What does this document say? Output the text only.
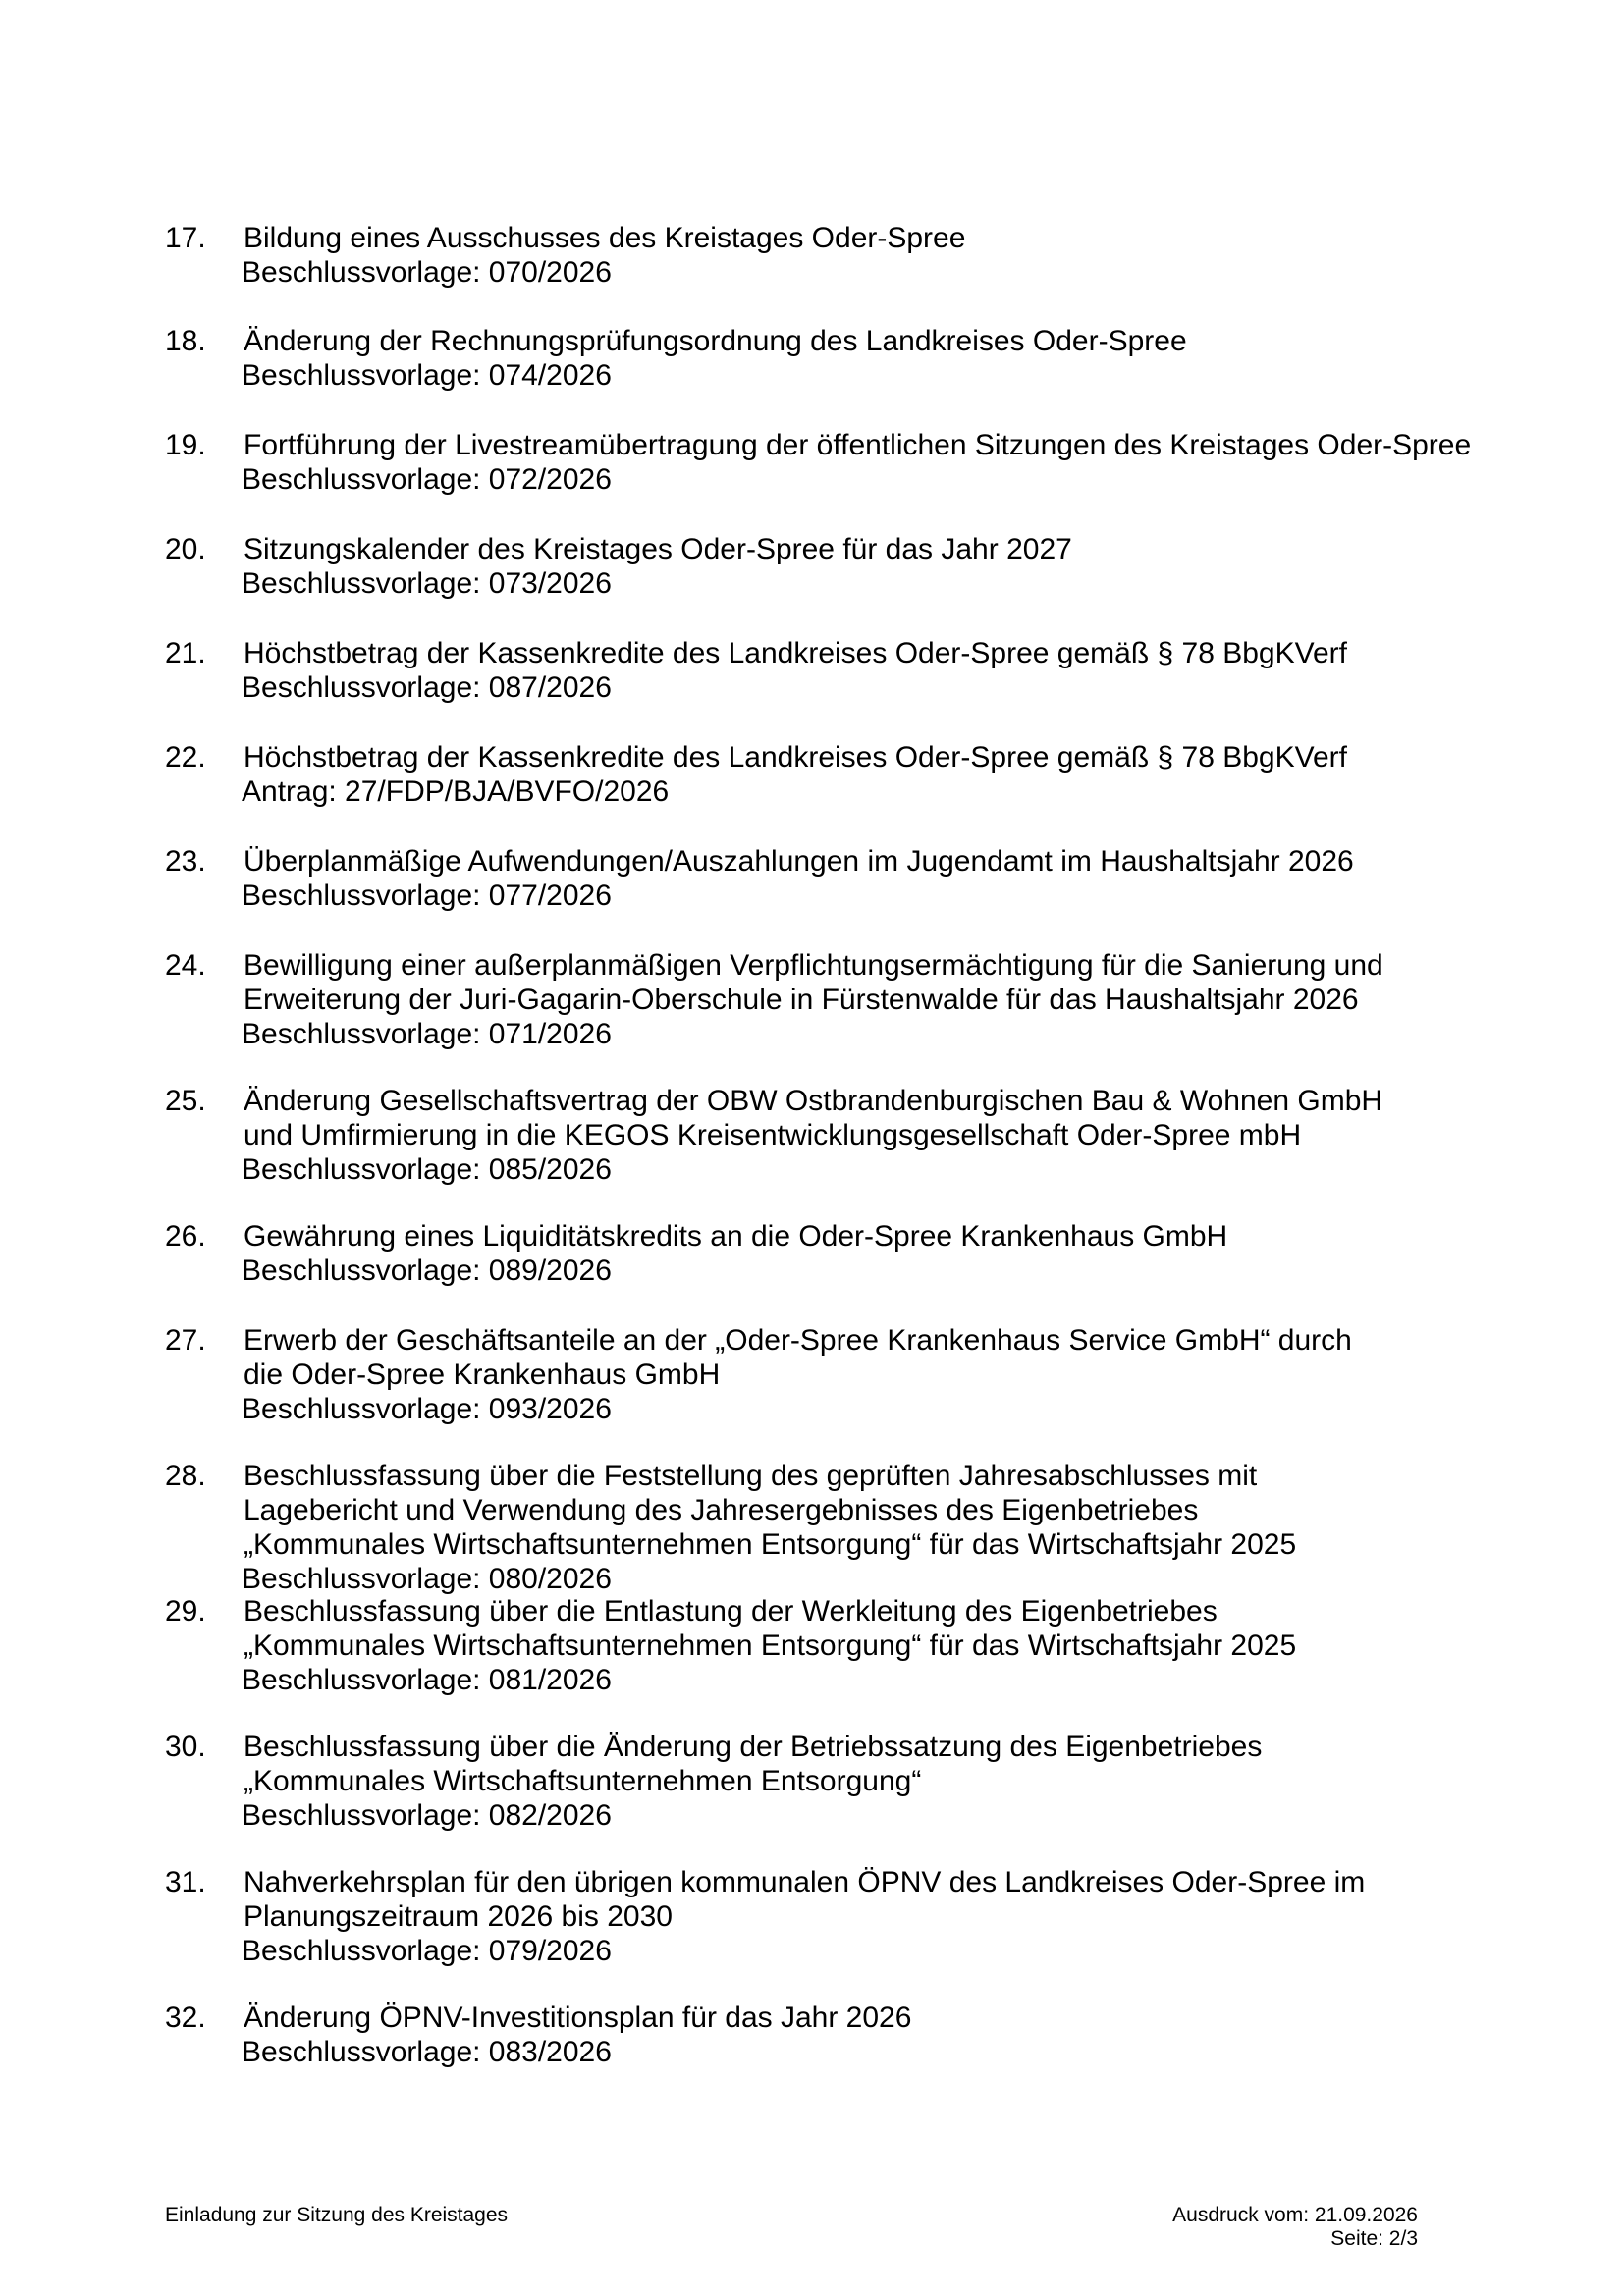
17. Bildung eines Ausschusses des Kreistages Oder-Spree
Beschlussvorlage: 070/2026
18. Änderung der Rechnungsprüfungsordnung des Landkreises Oder-Spree
Beschlussvorlage: 074/2026
19. Fortführung der Livestreamübertragung der öffentlichen Sitzungen des Kreistages Oder-Spree
Beschlussvorlage: 072/2026
20. Sitzungskalender des Kreistages Oder-Spree für das Jahr 2027
Beschlussvorlage: 073/2026
21. Höchstbetrag der Kassenkredite des Landkreises Oder-Spree gemäß § 78 BbgKVerf
Beschlussvorlage: 087/2026
22. Höchstbetrag der Kassenkredite des Landkreises Oder-Spree gemäß § 78 BbgKVerf
Antrag: 27/FDP/BJA/BVFO/2026
23. Überplanmäßige Aufwendungen/Auszahlungen im Jugendamt im Haushaltsjahr 2026
Beschlussvorlage: 077/2026
24. Bewilligung einer außerplanmäßigen Verpflichtungsermächtigung für die Sanierung und
Erweiterung der Juri-Gagarin-Oberschule in Fürstenwalde für das Haushaltsjahr 2026
Beschlussvorlage: 071/2026
25. Änderung Gesellschaftsvertrag der OBW Ostbrandenburgischen Bau & Wohnen GmbH
und Umfirmierung in die KEGOS Kreisentwicklungsgesellschaft Oder-Spree mbH
Beschlussvorlage: 085/2026
26. Gewährung eines Liquiditätskredits an die Oder-Spree Krankenhaus GmbH
Beschlussvorlage: 089/2026
27. Erwerb der Geschäftsanteile an der „Oder-Spree Krankenhaus Service GmbH“ durch
die Oder-Spree Krankenhaus GmbH
Beschlussvorlage: 093/2026
28. Beschlussfassung über die Feststellung des geprüften Jahresabschlusses mit
Lagebericht und Verwendung des Jahresergebnisses des Eigenbetriebes
„Kommunales Wirtschaftsunternehmen Entsorgung“ für das Wirtschaftsjahr 2025
Beschlussvorlage: 080/2026
29. Beschlussfassung über die Entlastung der Werkleitung des Eigenbetriebes
„Kommunales Wirtschaftsunternehmen Entsorgung“ für das Wirtschaftsjahr 2025
Beschlussvorlage: 081/2026
30. Beschlussfassung über die Änderung der Betriebssatzung des Eigenbetriebes
„Kommunales Wirtschaftsunternehmen Entsorgung“
Beschlussvorlage: 082/2026
31. Nahverkehrsplan für den übrigen kommunalen ÖPNV des Landkreises Oder-Spree im
Planungszeitraum 2026 bis 2030
Beschlussvorlage: 079/2026
32. Änderung ÖPNV-Investitionsplan für das Jahr 2026
Beschlussvorlage: 083/2026
Einladung zur Sitzung des Kreistages	Ausdruck vom: 21.09.2026
Seite: 2/3
